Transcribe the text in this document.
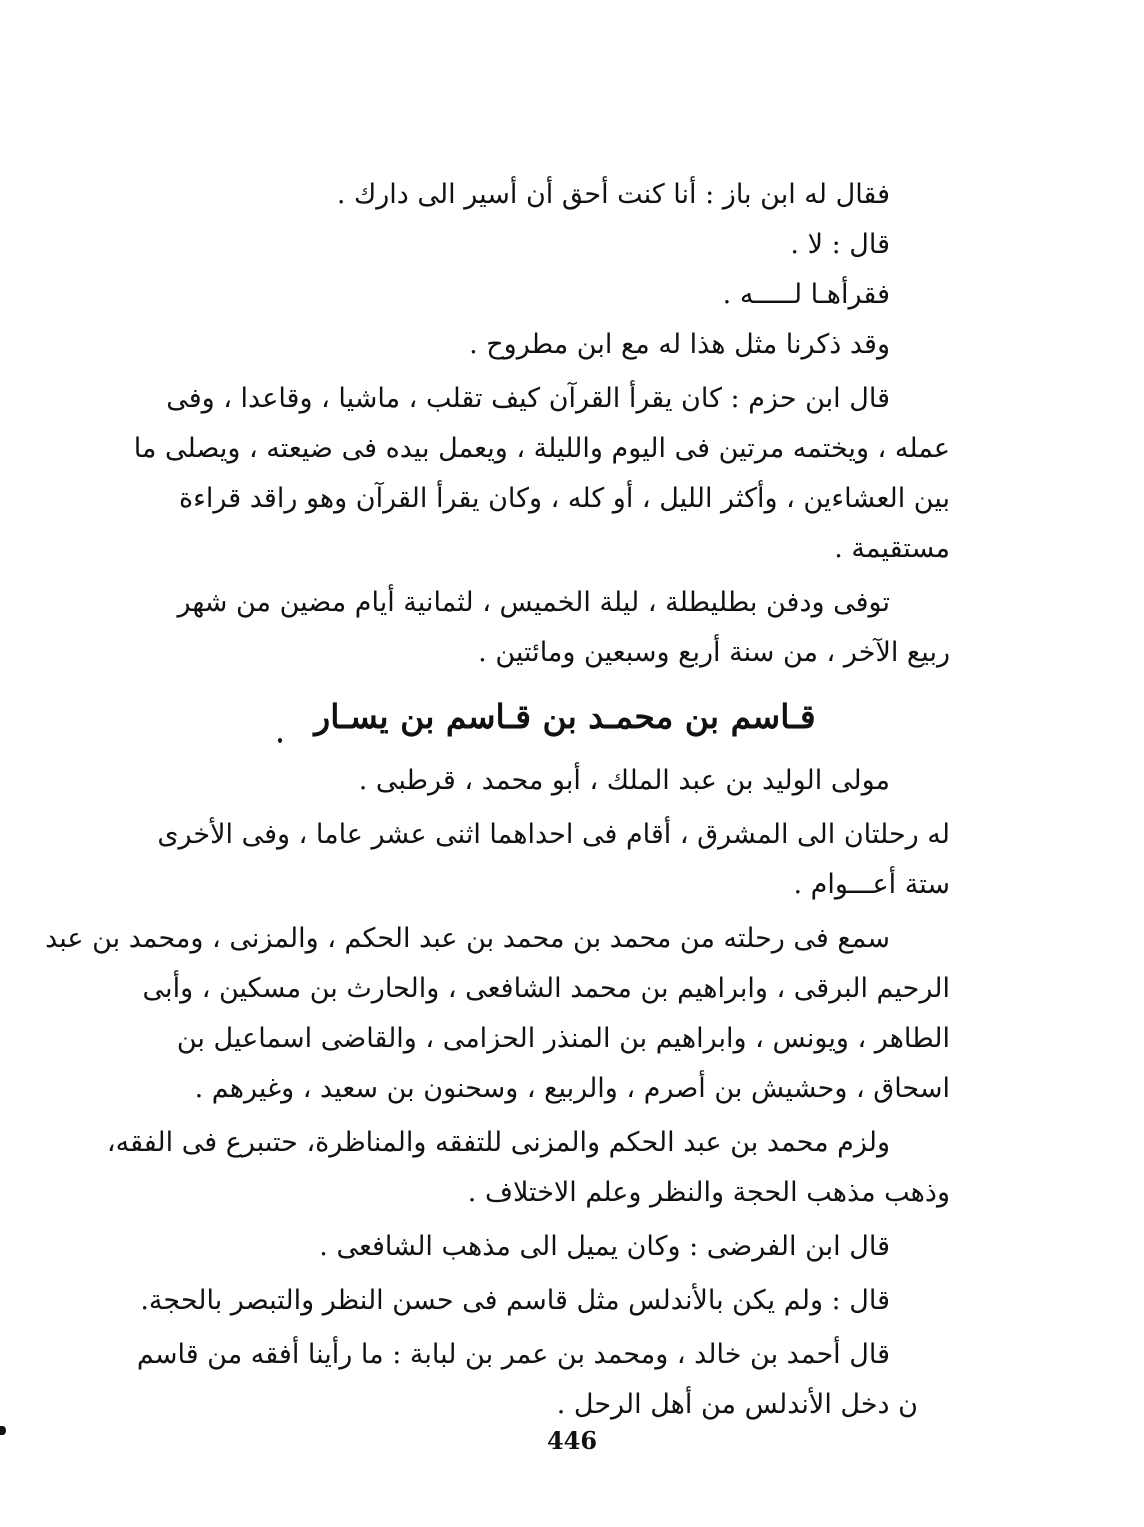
فقال له ابن باز : أنا كنت أحق أن أسير الى دارك .
قال : لا .
فقرأهـا لـــــه .
وقد ذكرنا مثل هذا له مع ابن مطروح .
قال ابن حزم : كان يقرأ القرآن كيف تقلب ، ماشيا ، وقاعدا ، وفى
عمله ، ويختمه مرتين فى اليوم والليلة ، ويعمل بيده فى ضيعته ، ويصلى ما
بين العشاءين ، وأكثر الليل ، أو كله ، وكان يقرأ القرآن وهو راقد قراءة
مستقيمة .
توفى ودفن بطليطلة ، ليلة الخميس ، لثمانية أيام مضين من شهر
ربيع الآخر ، من سنة أربع وسبعين ومائتين .
قـاسم بن محمـد بن قـاسم بن يسـار
مولى الوليد بن عبد الملك ، أبو محمد ، قرطبى .
له رحلتان الى المشرق ، أقام فى احداهما اثنى عشر عاما ، وفى الأخرى
ستة أعـــوام .
سمع فى رحلته من محمد بن محمد بن عبد الحكم ، والمزنى ، ومحمد بن عبد
الرحيم البرقى ، وابراهيم بن محمد الشافعى ، والحارث بن مسكين ، وأبى
الطاهر ، ويونس ، وابراهيم بن المنذر الحزامى ، والقاضى اسماعيل بن
اسحاق ، وحشيش بن أصرم ، والربيع ، وسحنون بن سعيد ، وغيرهم .
ولزم محمد بن عبد الحكم والمزنى للتفقه والمناظرة، حتىبرع فى الفقه،
وذهب مذهب الحجة والنظر وعلم الاختلاف .
قال ابن الفرضى : وكان يميل الى مذهب الشافعى .
قال : ولم يكن بالأندلس مثل قاسم فى حسن النظر والتبصر بالحجة.
قال أحمد بن خالد ، ومحمد بن عمر بن لبابة : ما رأينا أفقه من قاسم
ن دخل الأندلس من أهل الرحل .
446
